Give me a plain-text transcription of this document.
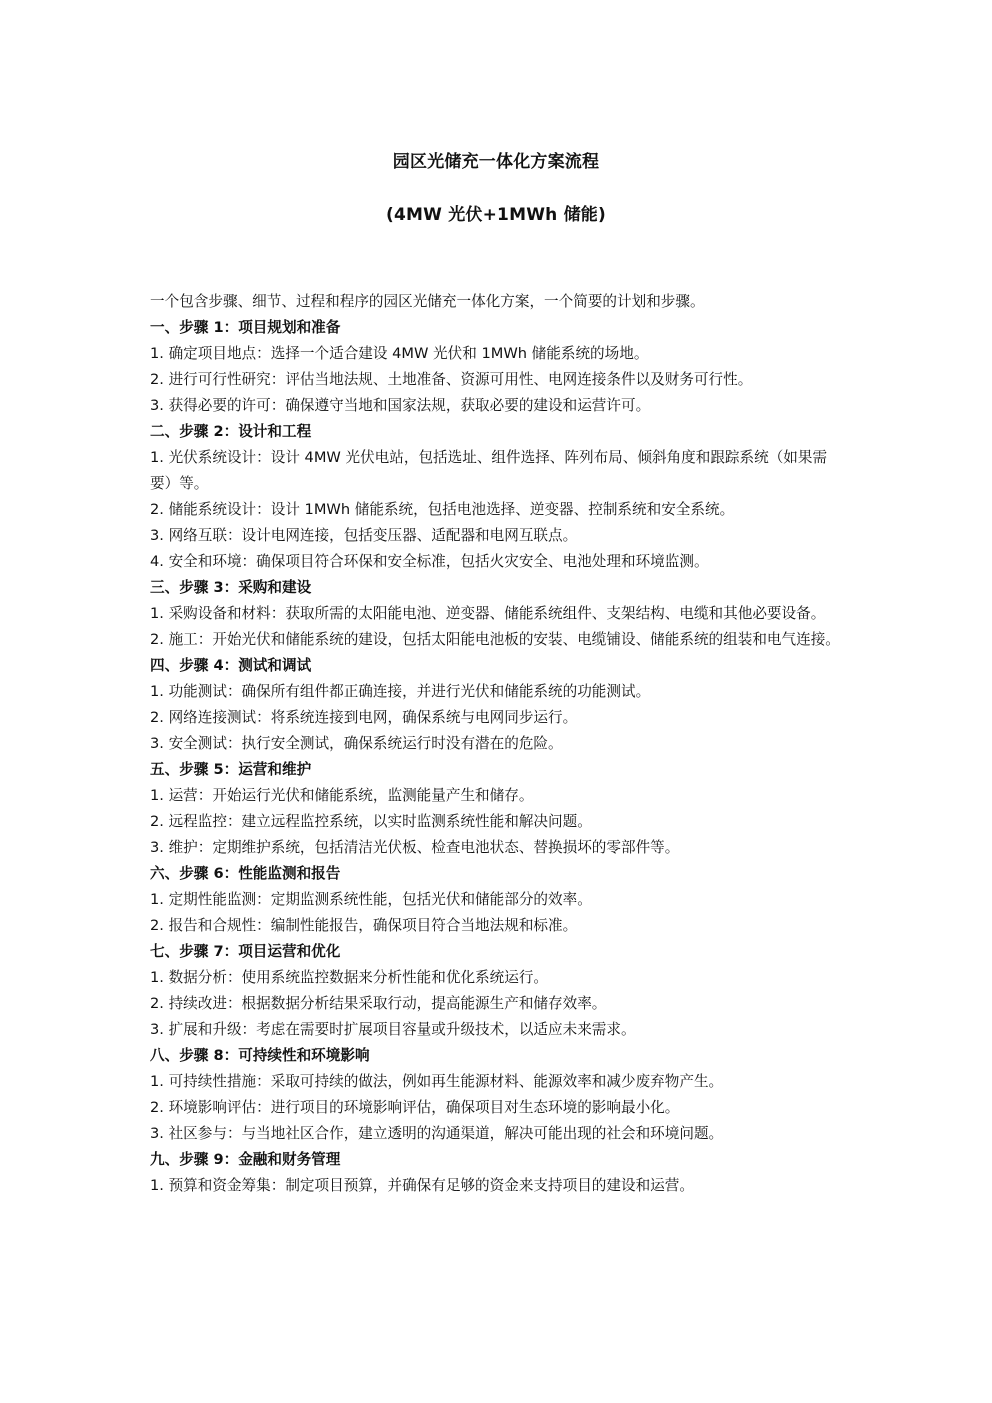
园区光储充一体化方案流程
(4MW 光伏+1MWh 储能)

一个包含步骤、细节、过程和程序的园区光储充一体化方案，一个简要的计划和步骤。

一、步骤 1：项目规划和准备

1. 确定项目地点：选择一个适合建设 4MW 光伏和 1MWh 储能系统的场地。

2. 进行可行性研究：评估当地法规、土地准备、资源可用性、电网连接条件以及财务可行性。

3. 获得必要的许可：确保遵守当地和国家法规，获取必要的建设和运营许可。

二、步骤 2：设计和工程

1. 光伏系统设计：设计 4MW 光伏电站，包括选址、组件选择、阵列布局、倾斜角度和跟踪系统（如果需要）等。

2. 储能系统设计：设计 1MWh 储能系统，包括电池选择、逆变器、控制系统和安全系统。

3. 网络互联：设计电网连接，包括变压器、适配器和电网互联点。

4. 安全和环境：确保项目符合环保和安全标准，包括火灾安全、电池处理和环境监测。

三、步骤 3：采购和建设

1. 采购设备和材料：获取所需的太阳能电池、逆变器、储能系统组件、支架结构、电缆和其他必要设备。

2. 施工：开始光伏和储能系统的建设，包括太阳能电池板的安装、电缆铺设、储能系统的组装和电气连接。

四、步骤 4：测试和调试

1. 功能测试：确保所有组件都正确连接，并进行光伏和储能系统的功能测试。

2. 网络连接测试：将系统连接到电网，确保系统与电网同步运行。

3. 安全测试：执行安全测试，确保系统运行时没有潜在的危险。

五、步骤 5：运营和维护

1. 运营：开始运行光伏和储能系统，监测能量产生和储存。

2. 远程监控：建立远程监控系统，以实时监测系统性能和解决问题。

3. 维护：定期维护系统，包括清洁光伏板、检查电池状态、替换损坏的零部件等。

六、步骤 6：性能监测和报告

1. 定期性能监测：定期监测系统性能，包括光伏和储能部分的效率。

2. 报告和合规性：编制性能报告，确保项目符合当地法规和标准。

七、步骤 7：项目运营和优化

1. 数据分析：使用系统监控数据来分析性能和优化系统运行。

2. 持续改进：根据数据分析结果采取行动，提高能源生产和储存效率。

3. 扩展和升级：考虑在需要时扩展项目容量或升级技术，以适应未来需求。

八、步骤 8：可持续性和环境影响

1. 可持续性措施：采取可持续的做法，例如再生能源材料、能源效率和减少废弃物产生。

2. 环境影响评估：进行项目的环境影响评估，确保项目对生态环境的影响最小化。

3. 社区参与：与当地社区合作，建立透明的沟通渠道，解决可能出现的社会和环境问题。

九、步骤 9：金融和财务管理

1. 预算和资金筹集：制定项目预算，并确保有足够的资金来支持项目的建设和运营。
